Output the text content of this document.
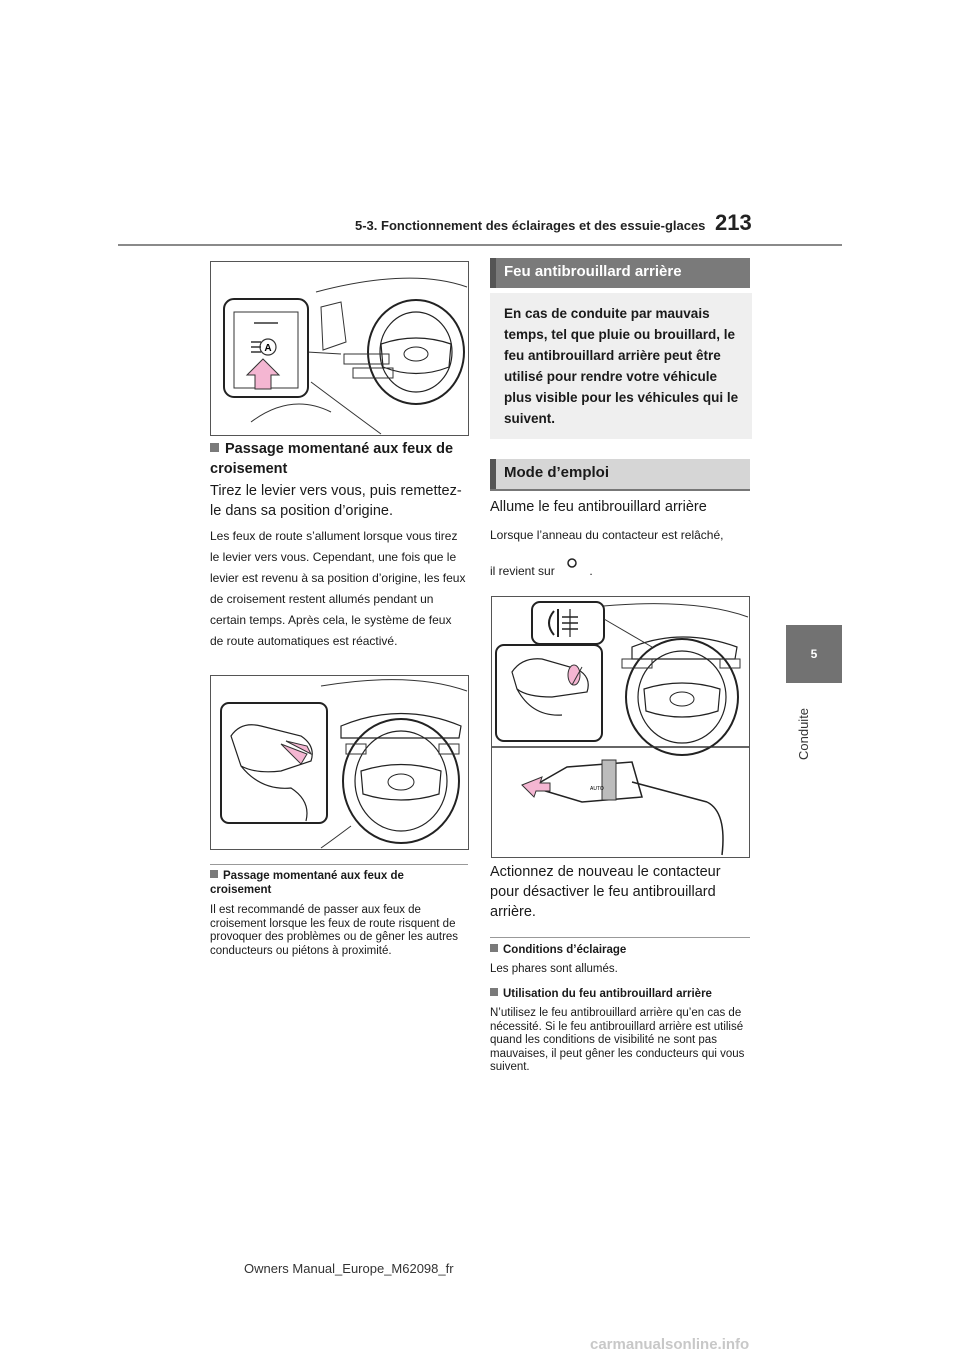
5-3. Fonctionnement des éclairages et des essuie-glaces 213
5
Conduite
A
Passage momentané aux feux de croisement
Tirez le levier vers vous, puis remettez-le dans sa position d’origine.
Les feux de route s’allument lorsque vous tirez le levier vers vous. Cependant, une fois que le levier est revenu à sa position d’origine, les feux de croisement restent allumés pendant un certain temps. Après cela, le système de feux de route automatiques est réactivé.
Passage momentané aux feux de croisement
Il est recommandé de passer aux feux de croisement lorsque les feux de route risquent de provoquer des problèmes ou de gêner les autres conducteurs ou piétons à proximité.
Feu antibrouillard arrière
En cas de conduite par mauvais temps, tel que pluie ou brouillard, le feu antibrouillard arrière peut être utilisé pour rendre votre véhicule plus visible pour les véhicules qui le suivent.
Mode d’emploi
Allume le feu antibrouillard arrière
Lorsque l’anneau du contacteur est relâché,
il revient sur	.
AUTO
Actionnez de nouveau le contacteur pour désactiver le feu antibrouillard arrière.
Conditions d’éclairage
Les phares sont allumés.
Utilisation du feu antibrouillard arrière
N’utilisez le feu antibrouillard arrière qu’en cas de nécessité. Si le feu antibrouillard arrière est utilisé quand les conditions de visibilité ne sont pas mauvaises, il peut gêner les conducteurs qui vous suivent.
Owners Manual_Europe_M62098_fr
carmanualsonline.info
